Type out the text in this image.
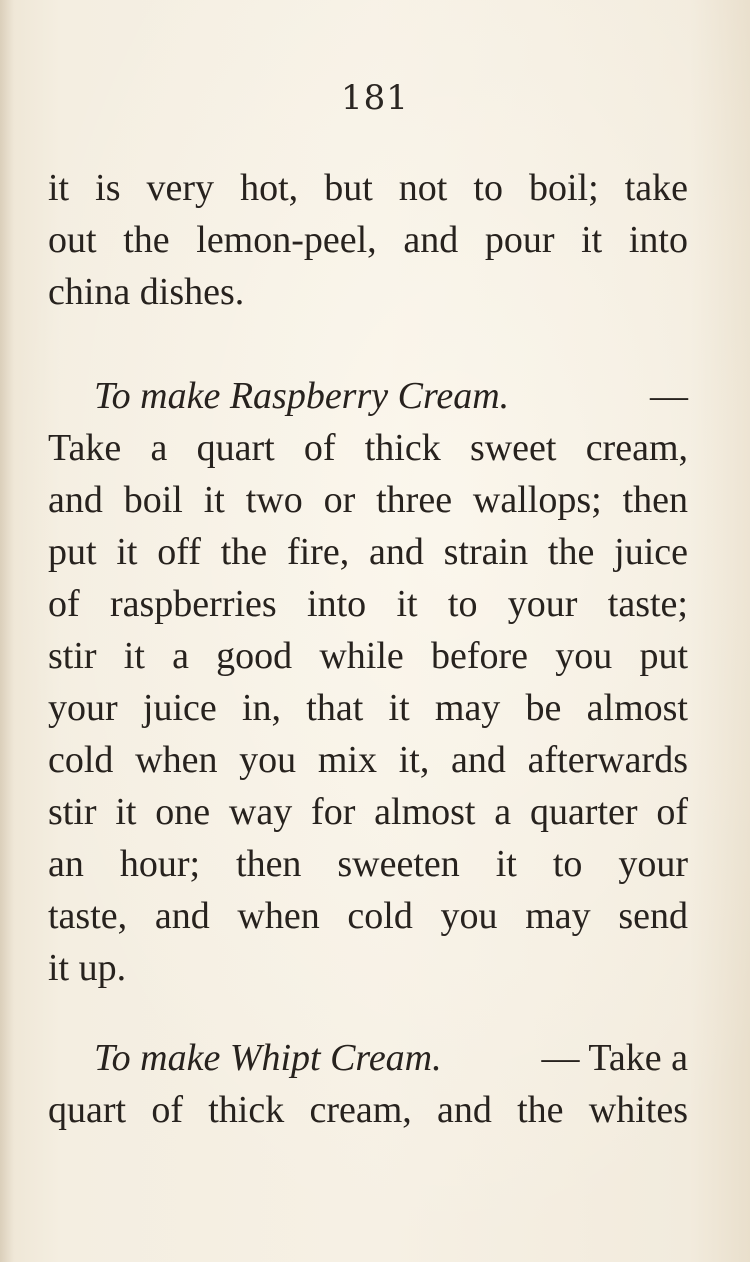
181
it is very hot, but not to boil; take
out the lemon-peel, and pour it into
china dishes.
To make Raspberry Cream.	—
Take a quart of thick sweet cream,
and boil it two or three wallops; then
put it off the fire, and strain the juice
of raspberries into it to your taste;
stir it a good while before you put
your juice in, that it may be almost
cold when you mix it, and afterwards
stir it one way for almost a quarter of
an hour; then sweeten it to your
taste, and when cold you may send
it up.
To make Whipt Cream.	— Take a
quart of thick cream, and the whites
